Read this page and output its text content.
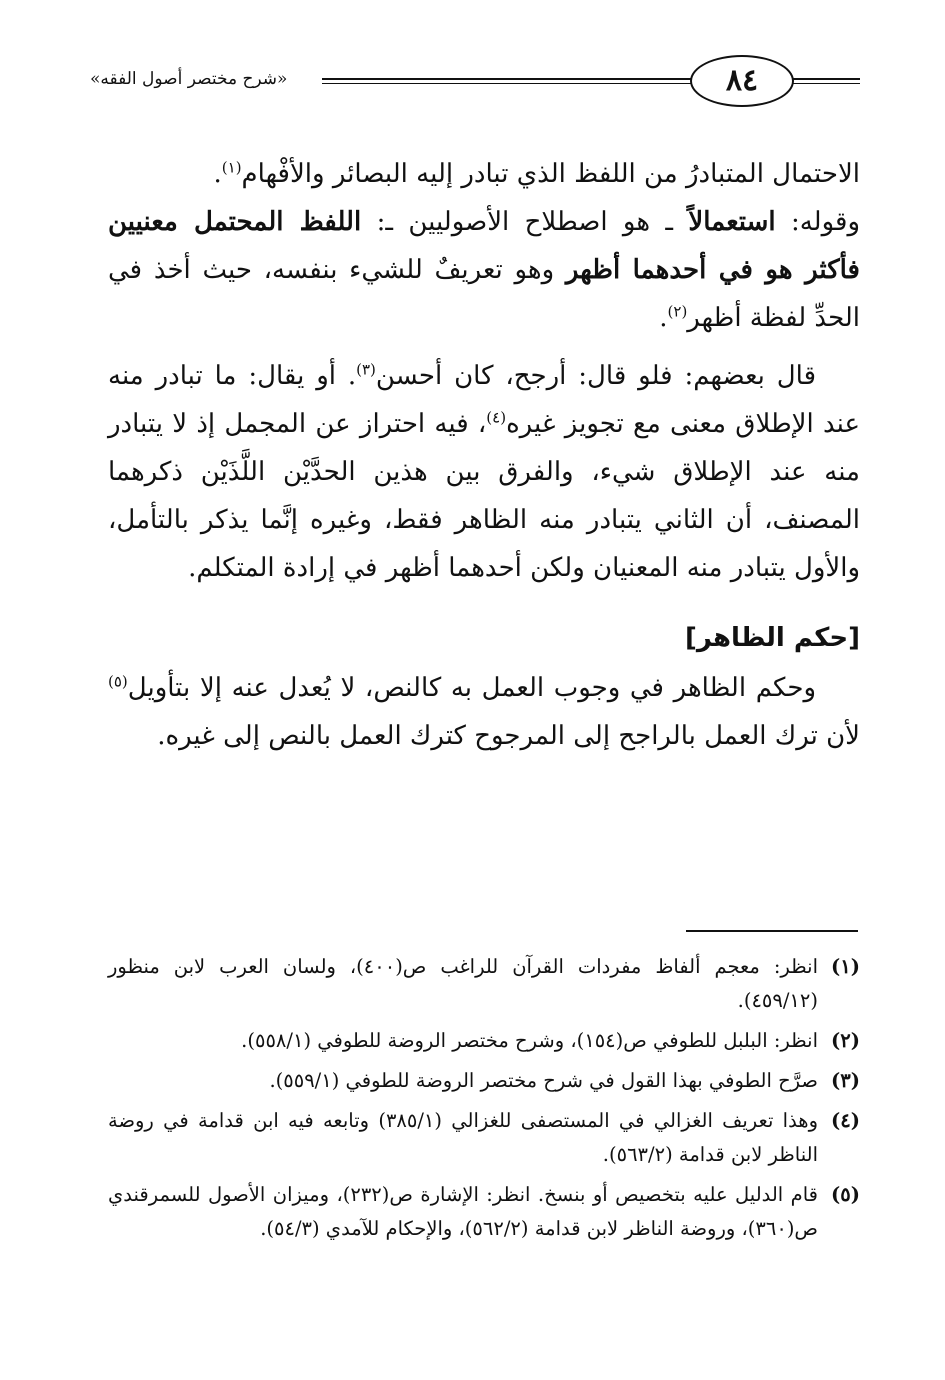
«شرح مختصر أصول الفقه»	٨٤

الاحتمال المتبادرُ من اللفظ الذي تبادر إليه البصائر والأفْهام$^{(١)}$.

وقوله: استعمالاً ـ هو اصطلاح الأصوليين ـ: اللفظ المحتمل معنيين فأكثر هو في أحدهما أظهر وهو تعريفٌ للشيء بنفسه، حيث أخذ في الحدِّ لفظة أظهر$^{(٢)}$.

قال بعضهم: فلو قال: أرجح، كان أحسن$^{(٣)}$. أو يقال: ما تبادر منه عند الإطلاق معنى مع تجويز غيره$^{(٤)}$، فيه احتراز عن المجمل إذ لا يتبادر منه عند الإطلاق شيء، والفرق بين هذين الحدَّيْن اللَّذَيْن ذكرهما المصنف، أن الثاني يتبادر منه الظاهر فقط، وغيره إنَّما يذكر بالتأمل، والأول يتبادر منه المعنيان ولكن أحدهما أظهر في إرادة المتكلم.

[حكم الظاهر]

وحكم الظاهر في وجوب العمل به كالنص، لا يُعدل عنه إلا بتأويل$^{(٥)}$ لأن ترك العمل بالراجح إلى المرجوح كترك العمل بالنص إلى غيره.

(١)
انظر: معجم ألفاظ مفردات القرآن للراغب ص(٤٠٠)، ولسان العرب لابن منظور (٤٥٩/١٢).
(٢)
انظر: البلبل للطوفي ص(١٥٤)، وشرح مختصر الروضة للطوفي (٥٥٨/١).
(٣)
صرَّح الطوفي بهذا القول في شرح مختصر الروضة للطوفي (٥٥٩/١).
(٤)
وهذا تعريف الغزالي في المستصفى للغزالي (٣٨٥/١) وتابعه فيه ابن قدامة في روضة الناظر لابن قدامة (٥٦٣/٢).
(٥)
قام الدليل عليه بتخصيص أو بنسخ. انظر: الإشارة ص(٢٣٢)، وميزان الأصول للسمرقندي ص(٣٦٠)، وروضة الناظر لابن قدامة (٥٦٢/٢)، والإحكام للآمدي (٥٤/٣).
